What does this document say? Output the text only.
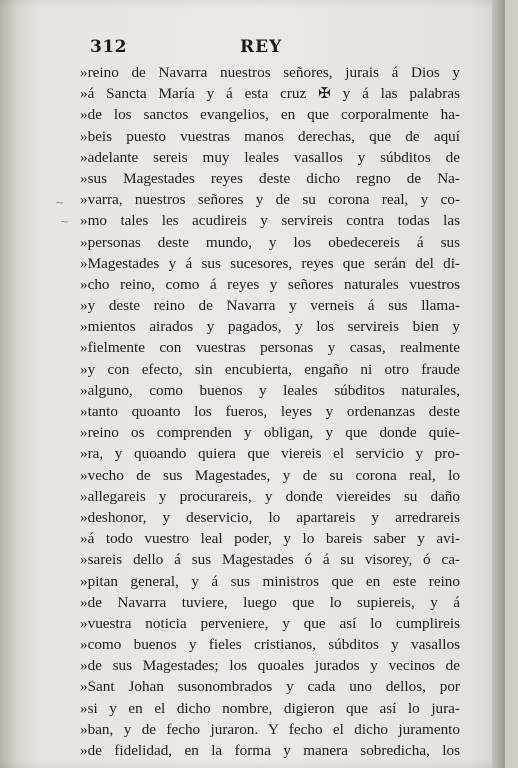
312	REY
~
~
»reino de Navarra nuestros señores, jurais á Dios y
»á Sancta María y á esta cruz ✠ y á las palabras
»de los sanctos evangelios, en que corporalmente ha-
»beis puesto vuestras manos derechas, que de aquí
»adelante sereis muy leales vasallos y súbditos de
»sus Magestades reyes deste dicho regno de Na-
»varra, nuestros señores y de su corona real, y co-
»mo tales les acudireis y servireis contra todas las
»personas deste mundo, y los obedecereis á sus
»Magestades y á sus sucesores, reyes que serán del di-
»cho reino, como á reyes y señores naturales vuestros
»y deste reino de Navarra y verneis á sus llama-
»mientos airados y pagados, y los servireis bien y
»fielmente con vuestras personas y casas, realmente
»y con efecto, sin encubierta, engaño ni otro fraude
»alguno, como buenos y leales súbditos naturales,
»tanto quoanto los fueros, leyes y ordenanzas deste
»reino os comprenden y obligan, y que donde quie-
»ra, y quoando quiera que viereis el servicio y pro-
»vecho de sus Magestades, y de su corona real, lo
»allegareis y procurareis, y donde viereides su daño
»deshonor, y deservicio, lo apartareis y arredrareis
»á todo vuestro leal poder, y lo bareis saber y avi-
»sareis dello á sus Magestades ó á su visorey, ó ca-
»pitan general, y á sus ministros que en este reino
»de Navarra tuviere, luego que lo supiereis, y á
»vuestra noticia perveniere, y que así lo cumplireis
»como buenos y fieles cristianos, súbditos y vasallos
»de sus Magestades; los quoales jurados y vecinos de
»Sant Johan susonombrados y cada uno dellos, por
»si y en el dicho nombre, digieron que así lo jura-
»ban, y de fecho juraron. Y fecho el dicho juramento
»de fidelidad, en la forma y manera sobredicha, los
